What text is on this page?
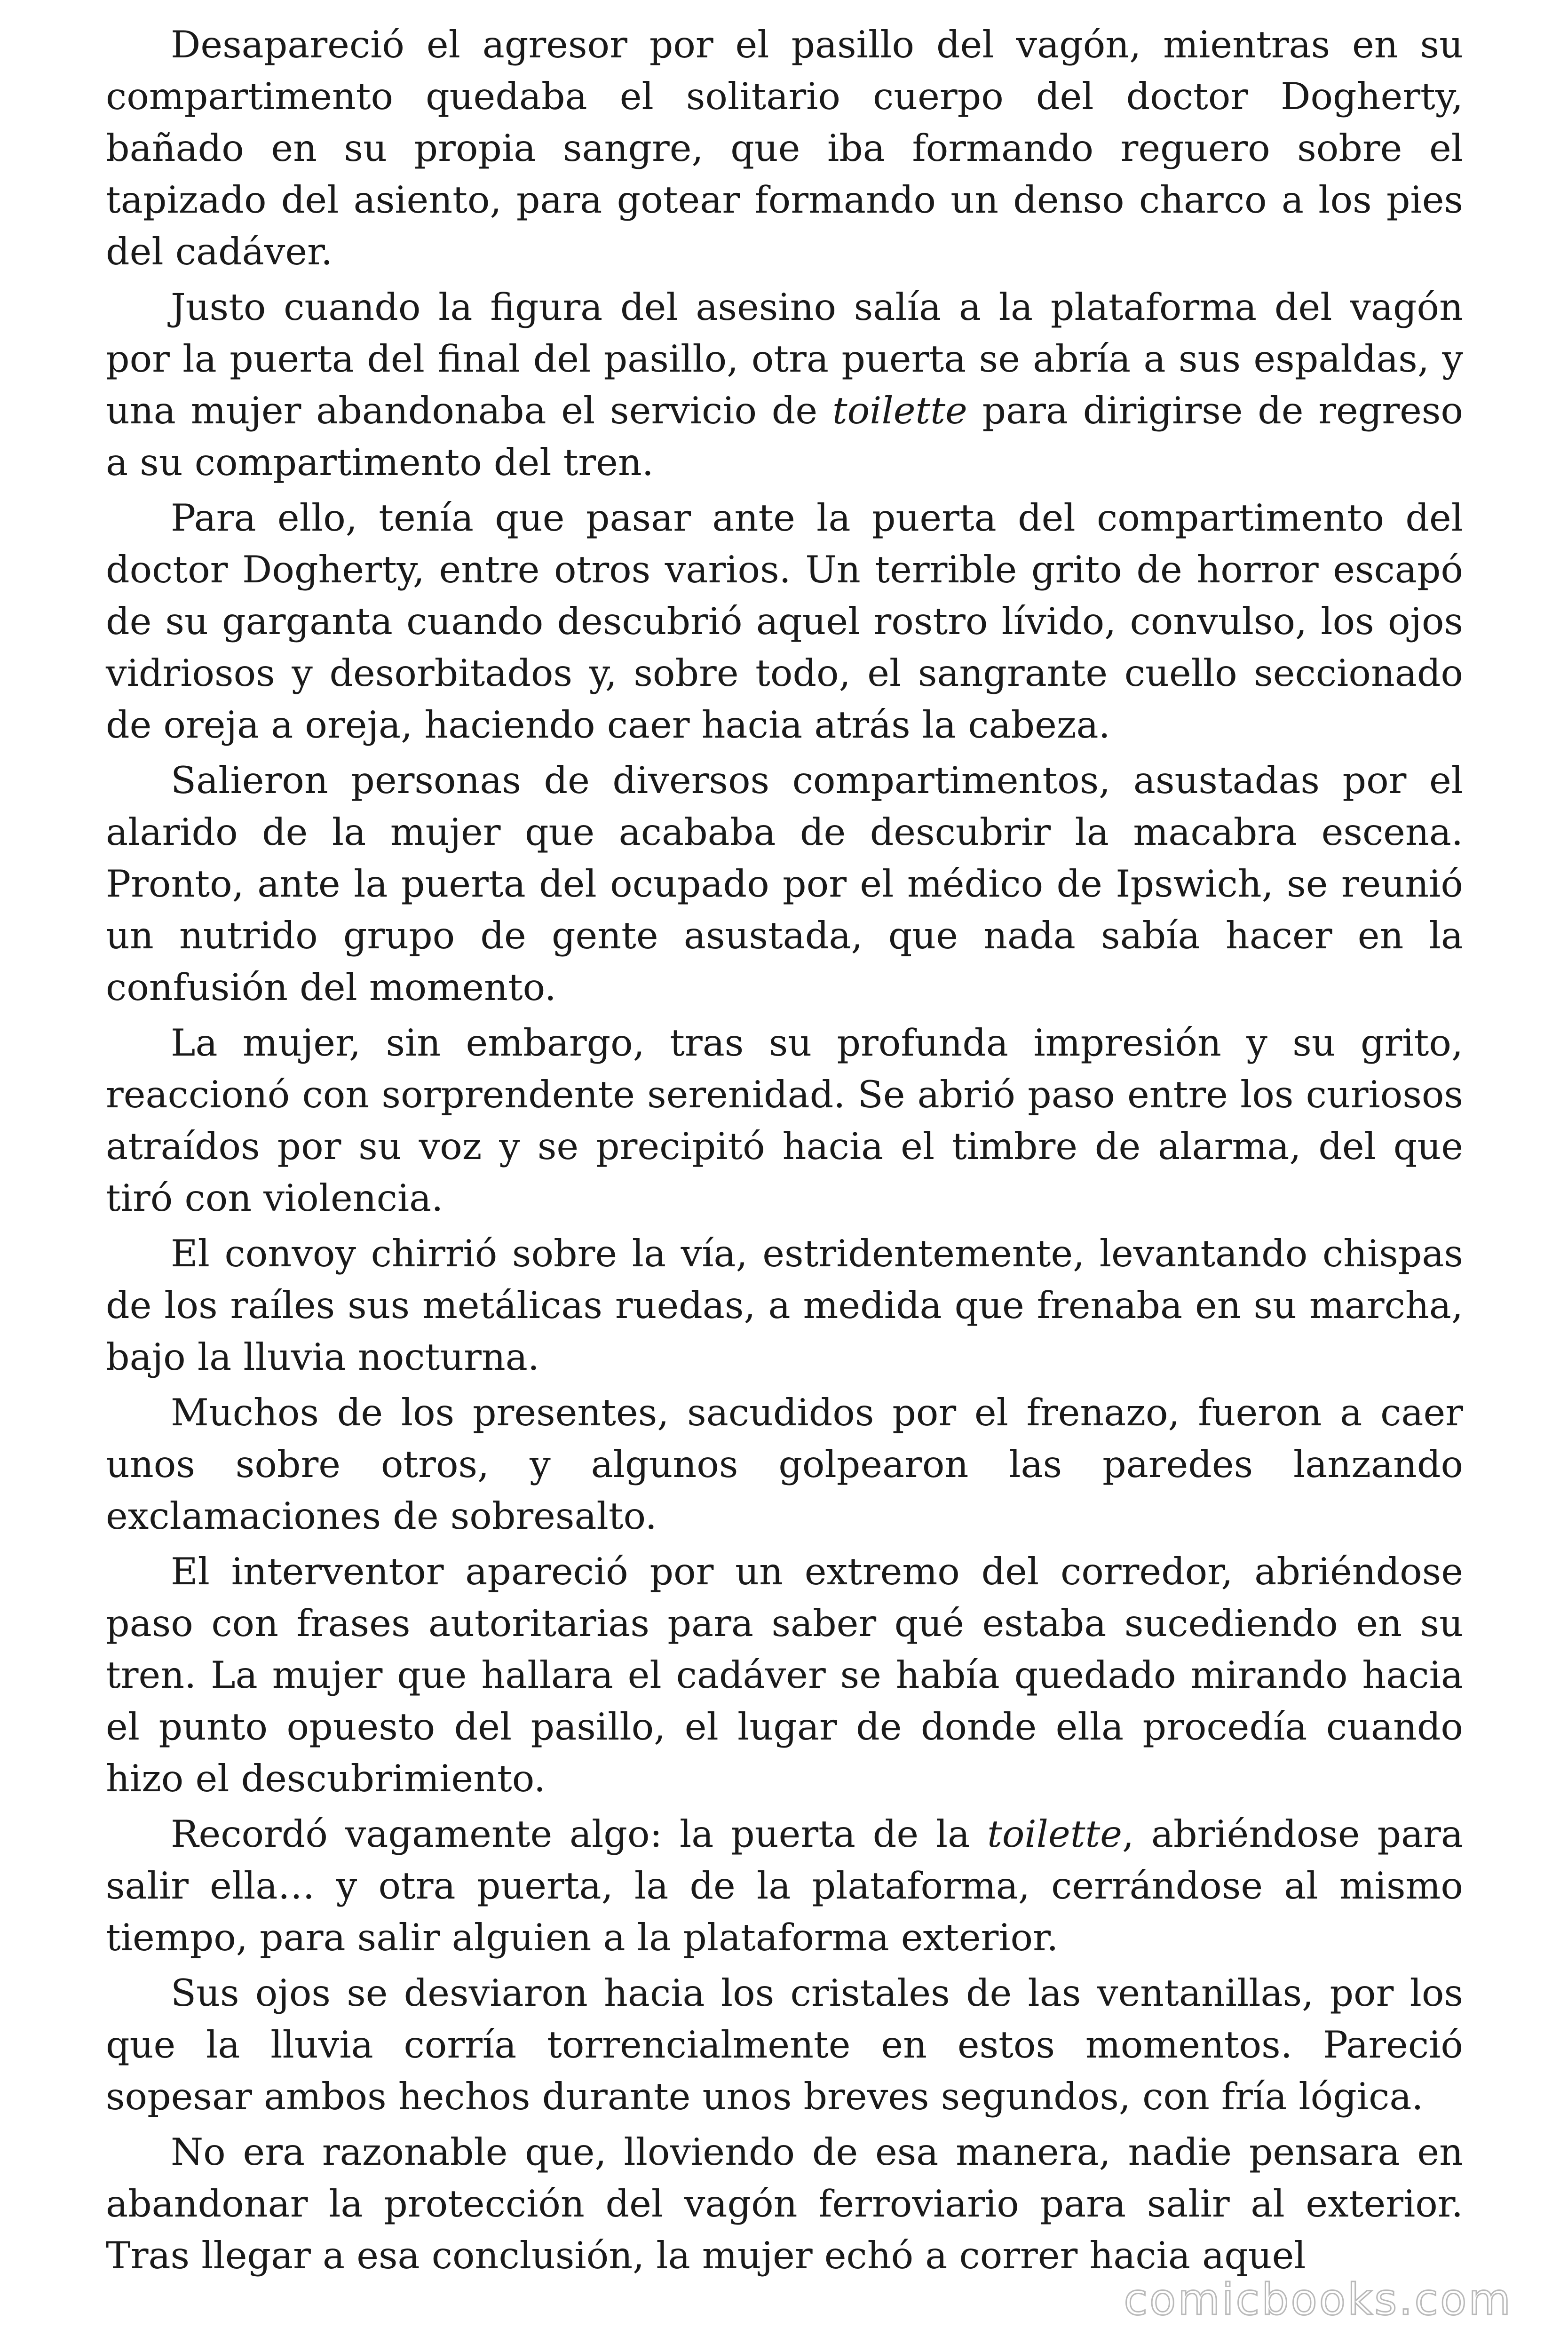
Desapareció el agresor por el pasillo del vagón, mientras en su compartimento quedaba el solitario cuerpo del doctor Dogherty, bañado en su propia sangre, que iba formando reguero sobre el tapizado del asiento, para gotear formando un denso charco a los pies del cadáver.

Justo cuando la figura del asesino salía a la plataforma del vagón por la puerta del final del pasillo, otra puerta se abría a sus espaldas, y una mujer abandonaba el servicio de toilette para dirigirse de regreso a su compartimento del tren.

Para ello, tenía que pasar ante la puerta del compartimento del doctor Dogherty, entre otros varios. Un terrible grito de horror escapó de su garganta cuando descubrió aquel rostro lívido, convulso, los ojos vidriosos y desorbitados y, sobre todo, el sangrante cuello seccionado de oreja a oreja, haciendo caer hacia atrás la cabeza.

Salieron personas de diversos compartimentos, asustadas por el alarido de la mujer que acababa de descubrir la macabra escena. Pronto, ante la puerta del ocupado por el médico de Ipswich, se reunió un nutrido grupo de gente asustada, que nada sabía hacer en la confusión del momento.

La mujer, sin embargo, tras su profunda impresión y su grito, reaccionó con sorprendente serenidad. Se abrió paso entre los curiosos atraídos por su voz y se precipitó hacia el timbre de alarma, del que tiró con violencia.

El convoy chirrió sobre la vía, estridentemente, levantando chispas de los raíles sus metálicas ruedas, a medida que frenaba en su marcha, bajo la lluvia nocturna.

Muchos de los presentes, sacudidos por el frenazo, fueron a caer unos sobre otros, y algunos golpearon las paredes lanzando exclamaciones de sobresalto.

El interventor apareció por un extremo del corredor, abriéndose paso con frases autoritarias para saber qué estaba sucediendo en su tren. La mujer que hallara el cadáver se había quedado mirando hacia el punto opuesto del pasillo, el lugar de donde ella procedía cuando hizo el descubrimiento.

Recordó vagamente algo: la puerta de la toilette, abriéndose para salir ella… y otra puerta, la de la plataforma, cerrándose al mismo tiempo, para salir alguien a la plataforma exterior.

Sus ojos se desviaron hacia los cristales de las ventanillas, por los que la lluvia corría torrencialmente en estos momentos. Pareció sopesar ambos hechos durante unos breves segundos, con fría lógica.

No era razonable que, lloviendo de esa manera, nadie pensara en abandonar la protección del vagón ferroviario para salir al exterior. Tras llegar a esa conclusión, la mujer echó a correr hacia aquel

comicbooks.com
